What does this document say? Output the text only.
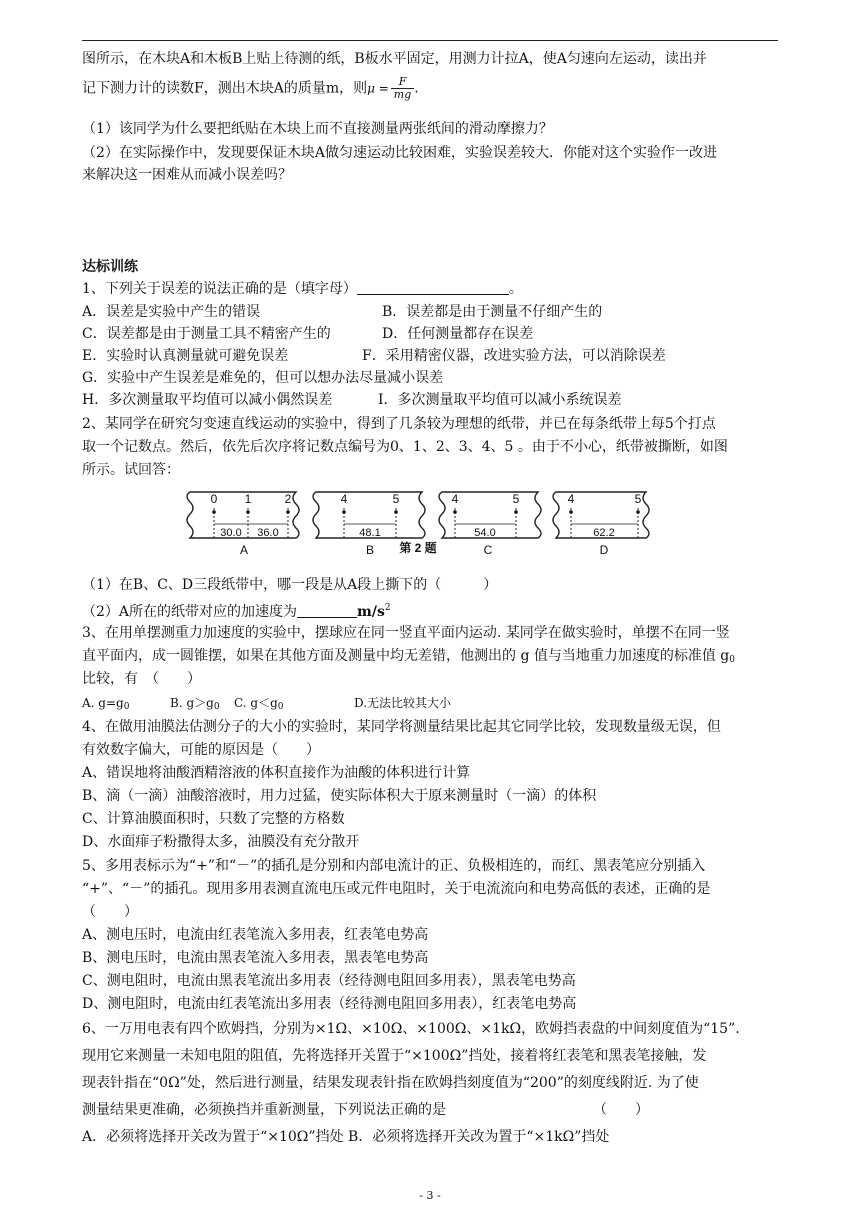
图所示，在木块A和木板B上贴上待测的纸，B板水平固定，用测力计拉A，使A匀速向左运动，读出并

记下测力计的读数F，测出木块A的质量m，则$\mu = \frac{F}{mg}$ .

（1）该同学为什么要把纸贴在木块上而不直接测量两张纸间的滑动摩擦力？

（2）在实际操作中，发现要保证木块A做匀速运动比较困难，实验误差较大．你能对这个实验作一改进

来解决这一困难从而减小误差吗？

达标训练

1、下列关于误差的说法正确的是（填字母）	。

A．误差是实验中产生的错误	B．误差都是由于测量不仔细产生的
C．误差都是由于测量工具不精密产生的	D．任何测量都存在误差
E．实验时认真测量就可避免误差	F．采用精密仪器，改进实验方法，可以消除误差
G．实验中产生误差是难免的，但可以想办法尽量减小误差
H．多次测量取平均值可以减小偶然误差	I．多次测量取平均值可以减小系统误差

2、某同学在研究匀变速直线运动的实验中，得到了几条较为理想的纸带，并已在每条纸带上每5个打点

取一个记数点。然后，依先后次序将记数点编号为0、1、2、3、4、5 。由于不小心，纸带被撕断，如图

所示。试回答：

（1）在B、C、D三段纸带中，哪一段是从A段上撕下的（　　　）

（2）A所在的纸带对应的加速度为	$m/s^2$

3、在用单摆测重力加速度的实验中，摆球应在同一竖直平面内运动. 某同学在做实验时，单摆不在同一竖

直平面内，成一圆锥摆，如果在其他方面及测量中均无差错，他测出的 g 值与当地重力加速度的标准值 $g_0$

比较，有　（　　）

A. $g=g_0$	B. $g>g_0$ C. $g<g_0$	D.无法比较其大小

4、在做用油膜法估测分子的大小的实验时，某同学将测量结果比起其它同学比较，发现数量级无误，但

有效数字偏大，可能的原因是（　　）

A、错误地将油酸酒精溶液的体积直接作为油酸的体积进行计算

B、滴（一滴）油酸溶液时，用力过猛，使实际体积大于原来测量时（一滴）的体积

C、计算油膜面积时，只数了完整的方格数

D、水面痱子粉撒得太多，油膜没有充分散开

5、多用表标示为“+”和“－”的插孔是分别和内部电流计的正、负极相连的，而红、黑表笔应分别插入

“+”、“－”的插孔。现用多用表测直流电压或元件电阻时，关于电流流向和电势高低的表述，正确的是

（　　）

A、测电压时，电流由红表笔流入多用表，红表笔电势高

B、测电压时，电流由黑表笔流入多用表，黑表笔电势高

C、测电阻时，电流由黑表笔流出多用表（经待测电阻回多用表），黑表笔电势高

D、测电阻时，电流由红表笔流出多用表（经待测电阻回多用表），红表笔电势高

6、一万用电表有四个欧姆挡，分别为×1Ω、×10Ω、×100Ω、×1kΩ，欧姆挡表盘的中间刻度值为“15”.

现用它来测量一未知电阻的阻值，先将选择开关置于“×100Ω”挡处，接着将红表笔和黑表笔接触，发

现表针指在“0Ω”处，然后进行测量，结果发现表针指在欧姆挡刻度值为“200”的刻度线附近. 为了使

测量结果更准确，必须换挡并重新测量，下列说法正确的是　　　　　　　　　　　（　　）

A．必须将选择开关改为置于“×10Ω”挡处 B．必须将选择开关改为置于“×1kΩ”挡处

0 1	2	4	5	4	5	4	5
30.0 36.0	48.1	54.0	62.2
A	B	C	D
第 2 题
- 3 -
